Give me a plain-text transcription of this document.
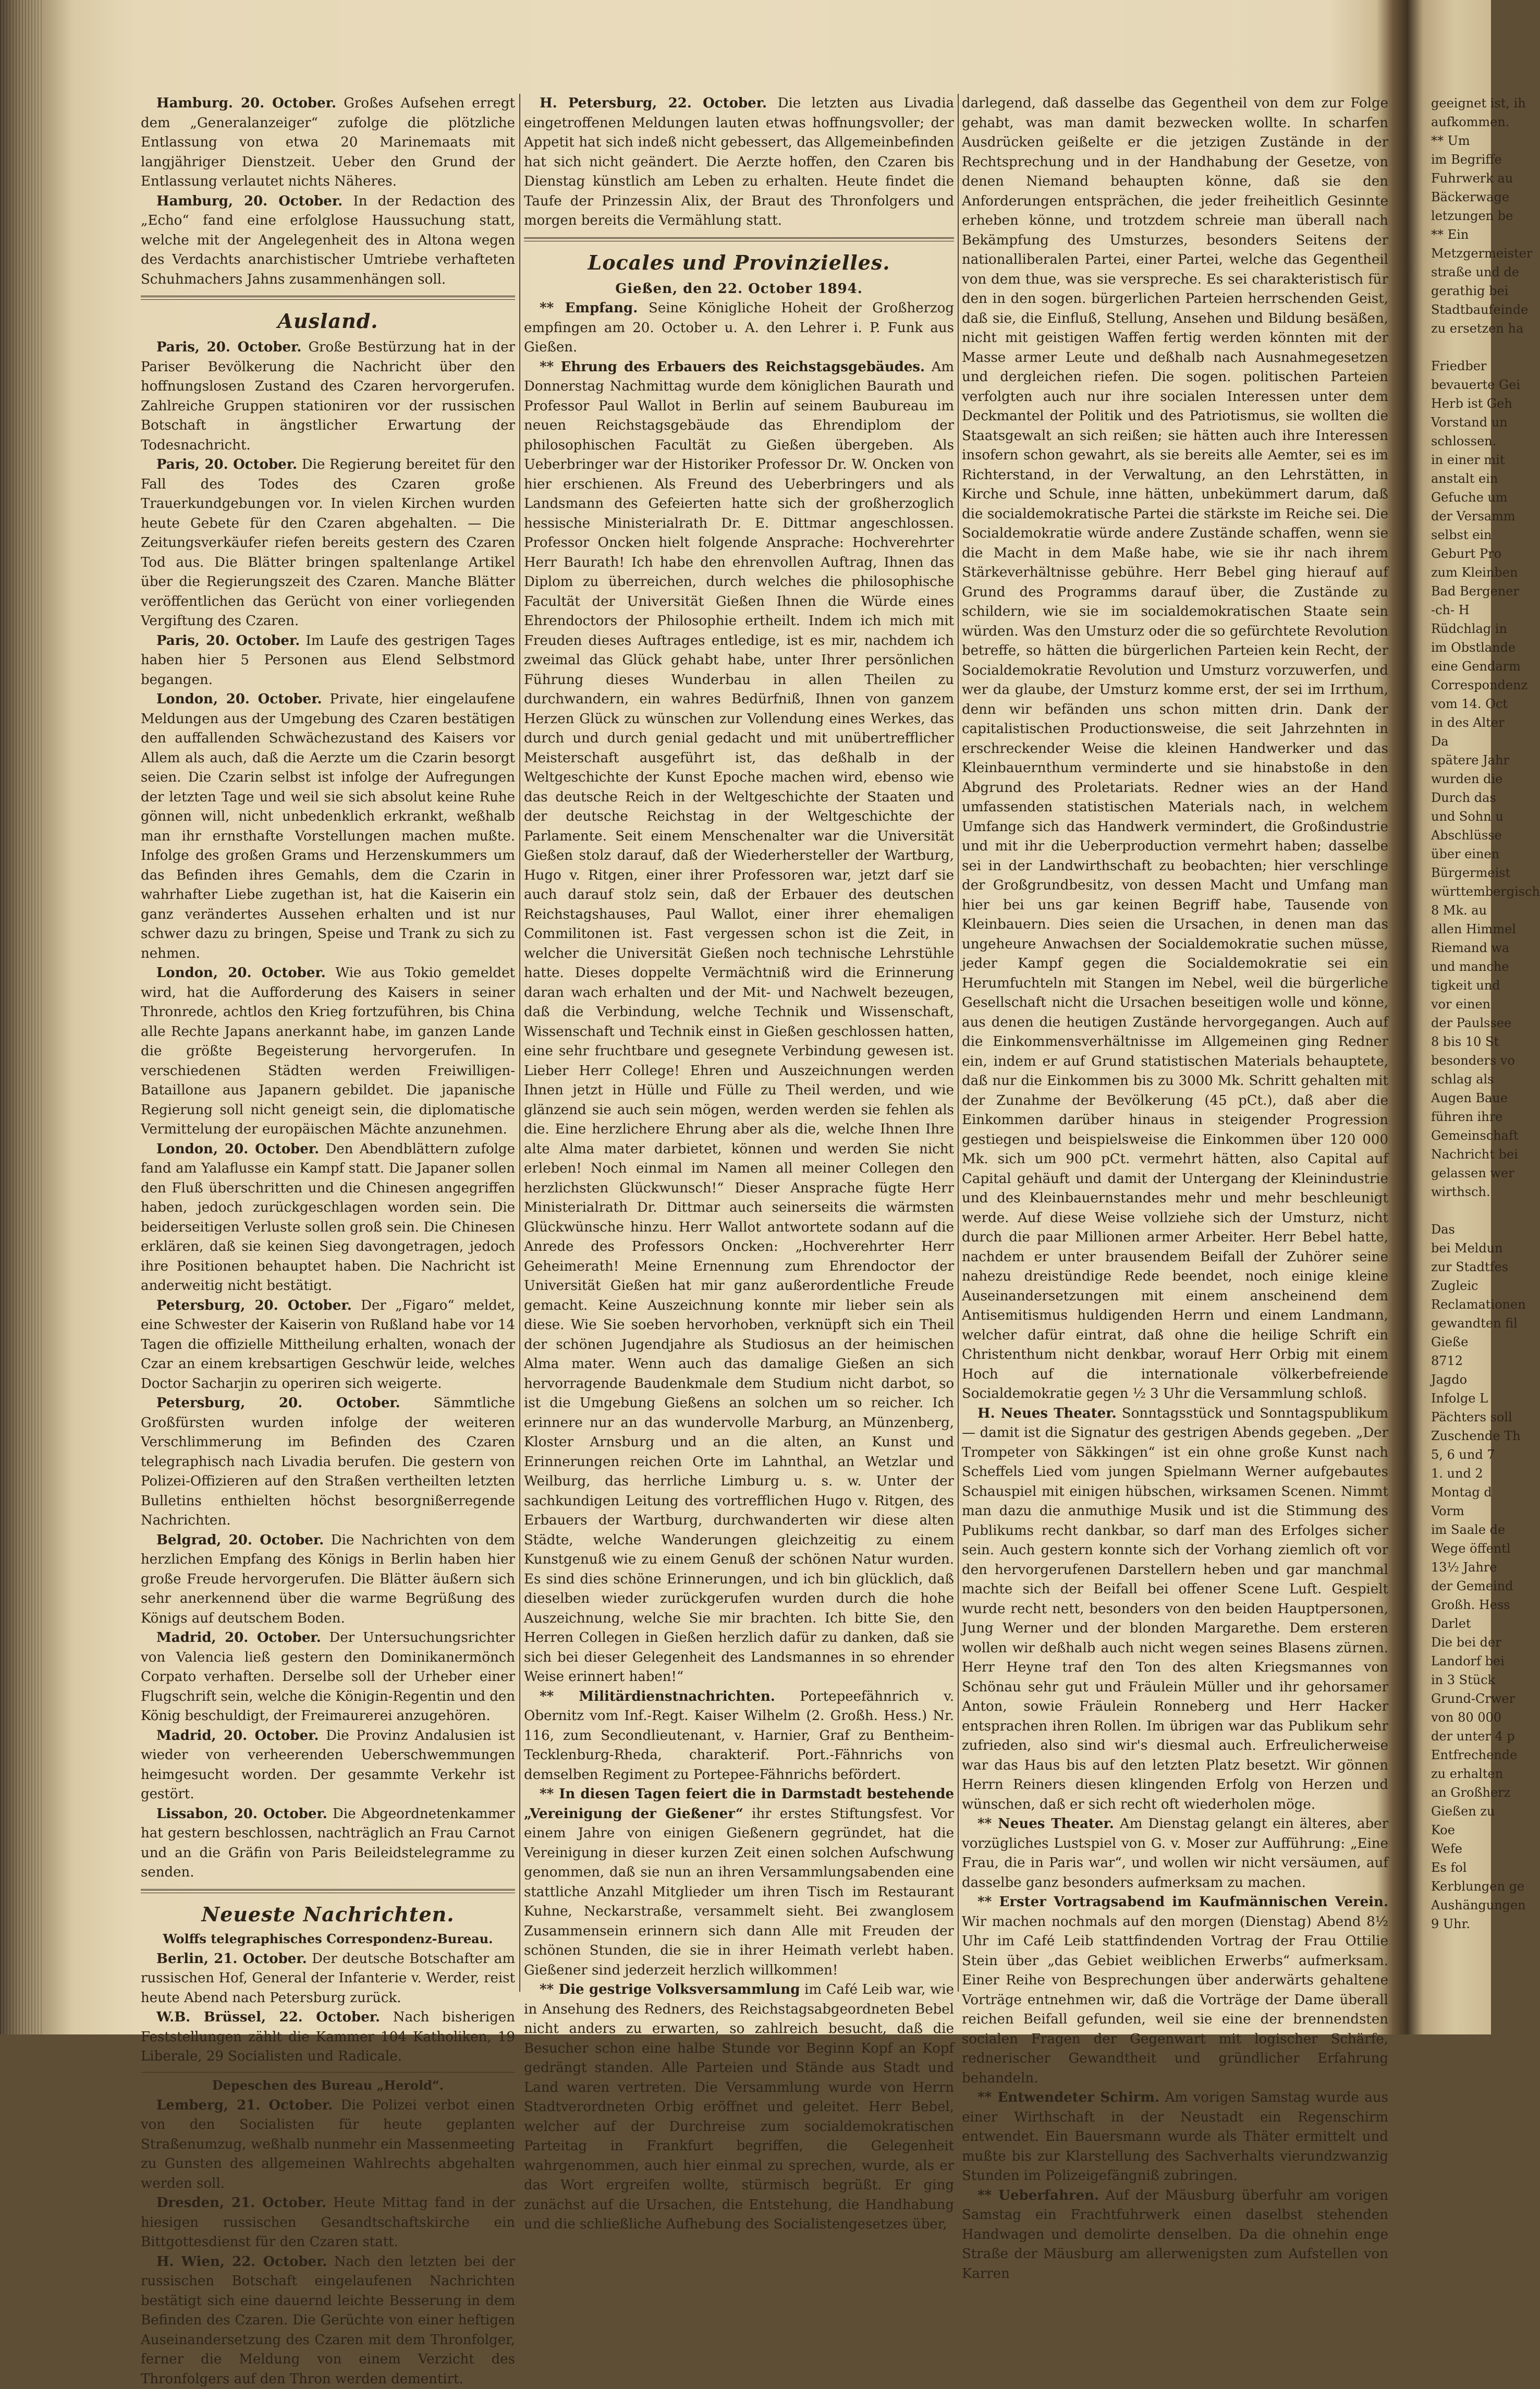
Hamburg. 20. October. Großes Aufsehen erregt dem „Generalanzeiger“ zufolge die plötzliche Entlassung von etwa 20 Marinemaats mit langjähriger Dienstzeit. Ueber den Grund der Entlassung verlautet nichts Näheres.

Hamburg, 20. October. In der Redaction des „Echo“ fand eine erfolglose Haussuchung statt, welche mit der Angelegenheit des in Altona wegen des Verdachts anarchistischer Umtriebe verhafteten Schuhmachers Jahns zusammenhängen soll.

Ausland.

Paris, 20. October. Große Bestürzung hat in der Pariser Bevölkerung die Nachricht über den hoffnungslosen Zustand des Czaren hervorgerufen. Zahlreiche Gruppen stationiren vor der russischen Botschaft in ängstlicher Erwartung der Todesnachricht.

Paris, 20. October. Die Regierung bereitet für den Fall des Todes des Czaren große Trauerkundgebungen vor. In vielen Kirchen wurden heute Gebete für den Czaren abgehalten. — Die Zeitungsverkäufer riefen bereits gestern des Czaren Tod aus. Die Blätter bringen spaltenlange Artikel über die Regierungszeit des Czaren. Manche Blätter veröffentlichen das Gerücht von einer vorliegenden Vergiftung des Czaren.

Paris, 20. October. Im Laufe des gestrigen Tages haben hier 5 Personen aus Elend Selbstmord begangen.

London, 20. October. Private, hier eingelaufene Meldungen aus der Umgebung des Czaren bestätigen den auffallenden Schwächezustand des Kaisers vor Allem als auch, daß die Aerzte um die Czarin besorgt seien. Die Czarin selbst ist infolge der Aufregungen der letzten Tage und weil sie sich absolut keine Ruhe gönnen will, nicht unbedenklich erkrankt, weßhalb man ihr ernsthafte Vorstellungen machen mußte. Infolge des großen Grams und Herzenskummers um das Befinden ihres Gemahls, dem die Czarin in wahrhafter Liebe zugethan ist, hat die Kaiserin ein ganz verändertes Aussehen erhalten und ist nur schwer dazu zu bringen, Speise und Trank zu sich zu nehmen.

London, 20. October. Wie aus Tokio gemeldet wird, hat die Aufforderung des Kaisers in seiner Thronrede, achtlos den Krieg fortzuführen, bis China alle Rechte Japans anerkannt habe, im ganzen Lande die größte Begeisterung hervorgerufen. In verschiedenen Städten werden Freiwilligen-Bataillone aus Japanern gebildet. Die japanische Regierung soll nicht geneigt sein, die diplomatische Vermittelung der europäischen Mächte anzunehmen.

London, 20. October. Den Abendblättern zufolge fand am Yalaflusse ein Kampf statt. Die Japaner sollen den Fluß überschritten und die Chinesen angegriffen haben, jedoch zurückgeschlagen worden sein. Die beiderseitigen Verluste sollen groß sein. Die Chinesen erklären, daß sie keinen Sieg davongetragen, jedoch ihre Positionen behauptet haben. Die Nachricht ist anderweitig nicht bestätigt.

Petersburg, 20. October. Der „Figaro“ meldet, eine Schwester der Kaiserin von Rußland habe vor 14 Tagen die offizielle Mittheilung erhalten, wonach der Czar an einem krebsartigen Geschwür leide, welches Doctor Sacharjin zu operiren sich weigerte.

Petersburg, 20. October. Sämmtliche Großfürsten wurden infolge der weiteren Verschlimmerung im Befinden des Czaren telegraphisch nach Livadia berufen. Die gestern von Polizei-Offizieren auf den Straßen vertheilten letzten Bulletins enthielten höchst besorgnißerregende Nachrichten.

Belgrad, 20. October. Die Nachrichten von dem herzlichen Empfang des Königs in Berlin haben hier große Freude hervorgerufen. Die Blätter äußern sich sehr anerkennend über die warme Begrüßung des Königs auf deutschem Boden.

Madrid, 20. October. Der Untersuchungsrichter von Valencia ließ gestern den Dominikanermönch Corpato verhaften. Derselbe soll der Urheber einer Flugschrift sein, welche die Königin-Regentin und den König beschuldigt, der Freimaurerei anzugehören.

Madrid, 20. October. Die Provinz Andalusien ist wieder von verheerenden Ueberschwemmungen heimgesucht worden. Der gesammte Verkehr ist gestört.

Lissabon, 20. October. Die Abgeordnetenkammer hat gestern beschlossen, nachträglich an Frau Carnot und an die Gräfin von Paris Beileidstelegramme zu senden.

Neueste Nachrichten.
Wolffs telegraphisches Correspondenz-Bureau.

Berlin, 21. October. Der deutsche Botschafter am russischen Hof, General der Infanterie v. Werder, reist heute Abend nach Petersburg zurück.

W.B. Brüssel, 22. October. Nach bisherigen Feststellungen zählt die Kammer 104 Katholiken, 19 Liberale, 29 Socialisten und Radicale.

Depeschen des Bureau „Herold“.

Lemberg, 21. October. Die Polizei verbot einen von den Socialisten für heute geplanten Straßenumzug, weßhalb nunmehr ein Massenmeeting zu Gunsten des allgemeinen Wahlrechts abgehalten werden soll.

Dresden, 21. October. Heute Mittag fand in der hiesigen russischen Gesandtschaftskirche ein Bittgottesdienst für den Czaren statt.

H. Wien, 22. October. Nach den letzten bei der russischen Botschaft eingelaufenen Nachrichten bestätigt sich eine dauernd leichte Besserung in dem Befinden des Czaren. Die Gerüchte von einer heftigen Auseinandersetzung des Czaren mit dem Thronfolger, ferner die Meldung von einem Verzicht des Thronfolgers auf den Thron werden dementirt.

H. Petersburg, 22. October. Die letzten aus Livadia eingetroffenen Meldungen lauten etwas hoffnungsvoller; der Appetit hat sich indeß nicht gebessert, das Allgemeinbefinden hat sich nicht geändert. Die Aerzte hoffen, den Czaren bis Dienstag künstlich am Leben zu erhalten. Heute findet die Taufe der Prinzessin Alix, der Braut des Thronfolgers und morgen bereits die Vermählung statt.

Locales und Provinzielles.

Gießen, den 22. October 1894.

** Empfang. Seine Königliche Hoheit der Großherzog empfingen am 20. October u. A. den Lehrer i. P. Funk aus Gießen.

** Ehrung des Erbauers des Reichstagsgebäudes. Am Donnerstag Nachmittag wurde dem königlichen Baurath und Professor Paul Wallot in Berlin auf seinem Baubureau im neuen Reichstagsgebäude das Ehrendiplom der philosophischen Facultät zu Gießen übergeben. Als Ueberbringer war der Historiker Professor Dr. W. Oncken von hier erschienen. Als Freund des Ueberbringers und als Landsmann des Gefeierten hatte sich der großherzoglich hessische Ministerialrath Dr. E. Dittmar angeschlossen. Professor Oncken hielt folgende Ansprache: Hochverehrter Herr Baurath! Ich habe den ehrenvollen Auftrag, Ihnen das Diplom zu überreichen, durch welches die philosophische Facultät der Universität Gießen Ihnen die Würde eines Ehrendoctors der Philosophie ertheilt. Indem ich mich mit Freuden dieses Auftrages entledige, ist es mir, nachdem ich zweimal das Glück gehabt habe, unter Ihrer persönlichen Führung dieses Wunderbau in allen Theilen zu durchwandern, ein wahres Bedürfniß, Ihnen von ganzem Herzen Glück zu wünschen zur Vollendung eines Werkes, das durch und durch genial gedacht und mit unübertrefflicher Meisterschaft ausgeführt ist, das deßhalb in der Weltgeschichte der Kunst Epoche machen wird, ebenso wie das deutsche Reich in der Weltgeschichte der Staaten und der deutsche Reichstag in der Weltgeschichte der Parlamente. Seit einem Menschenalter war die Universität Gießen stolz darauf, daß der Wiederhersteller der Wartburg, Hugo v. Ritgen, einer ihrer Professoren war, jetzt darf sie auch darauf stolz sein, daß der Erbauer des deutschen Reichstagshauses, Paul Wallot, einer ihrer ehemaligen Commilitonen ist. Fast vergessen schon ist die Zeit, in welcher die Universität Gießen noch technische Lehrstühle hatte. Dieses doppelte Vermächtniß wird die Erinnerung daran wach erhalten und der Mit- und Nachwelt bezeugen, daß die Verbindung, welche Technik und Wissenschaft, Wissenschaft und Technik einst in Gießen geschlossen hatten, eine sehr fruchtbare und gesegnete Verbindung gewesen ist. Lieber Herr College! Ehren und Auszeichnungen werden Ihnen jetzt in Hülle und Fülle zu Theil werden, und wie glänzend sie auch sein mögen, werden werden sie fehlen als die. Eine herzlichere Ehrung aber als die, welche Ihnen Ihre alte Alma mater darbietet, können und werden Sie nicht erleben! Noch einmal im Namen all meiner Collegen den herzlichsten Glückwunsch!“ Dieser Ansprache fügte Herr Ministerialrath Dr. Dittmar auch seinerseits die wärmsten Glückwünsche hinzu. Herr Wallot antwortete sodann auf die Anrede des Professors Oncken: „Hochverehrter Herr Geheimerath! Meine Ernennung zum Ehrendoctor der Universität Gießen hat mir ganz außerordentliche Freude gemacht. Keine Auszeichnung konnte mir lieber sein als diese. Wie Sie soeben hervorhoben, verknüpft sich ein Theil der schönen Jugendjahre als Studiosus an der heimischen Alma mater. Wenn auch das damalige Gießen an sich hervorragende Baudenkmale dem Studium nicht darbot, so ist die Umgebung Gießens an solchen um so reicher. Ich erinnere nur an das wundervolle Marburg, an Münzenberg, Kloster Arnsburg und an die alten, an Kunst und Erinnerungen reichen Orte im Lahnthal, an Wetzlar und Weilburg, das herrliche Limburg u. s. w. Unter der sachkundigen Leitung des vortrefflichen Hugo v. Ritgen, des Erbauers der Wartburg, durchwanderten wir diese alten Städte, welche Wanderungen gleichzeitig zu einem Kunstgenuß wie zu einem Genuß der schönen Natur wurden. Es sind dies schöne Erinnerungen, und ich bin glücklich, daß dieselben wieder zurückgerufen wurden durch die hohe Auszeichnung, welche Sie mir brachten. Ich bitte Sie, den Herren Collegen in Gießen herzlich dafür zu danken, daß sie sich bei dieser Gelegenheit des Landsmannes in so ehrender Weise erinnert haben!“

** Militärdienstnachrichten. Portepeefähnrich v. Obernitz vom Inf.-Regt. Kaiser Wilhelm (2. Großh. Hess.) Nr. 116, zum Secondlieutenant, v. Harnier, Graf zu Bentheim-Tecklenburg-Rheda, charakterif. Port.-Fähnrichs von demselben Regiment zu Portepee-Fähnrichs befördert.

** In diesen Tagen feiert die in Darmstadt bestehende „Vereinigung der Gießener“ ihr erstes Stiftungsfest. Vor einem Jahre von einigen Gießenern gegründet, hat die Vereinigung in dieser kurzen Zeit einen solchen Aufschwung genommen, daß sie nun an ihren Versammlungsabenden eine stattliche Anzahl Mitglieder um ihren Tisch im Restaurant Kuhne, Neckarstraße, versammelt sieht. Bei zwanglosem Zusammensein erinnern sich dann Alle mit Freuden der schönen Stunden, die sie in ihrer Heimath verlebt haben. Gießener sind jederzeit herzlich willkommen!

** Die gestrige Volksversammlung im Café Leib war, wie in Ansehung des Redners, des Reichstagsabgeordneten Bebel nicht anders zu erwarten, so zahlreich besucht, daß die Besucher schon eine halbe Stunde vor Beginn Kopf an Kopf gedrängt standen. Alle Parteien und Stände aus Stadt und Land waren vertreten. Die Versammlung wurde von Herrn Stadtverordneten Orbig eröffnet und geleitet. Herr Bebel, welcher auf der Durchreise zum socialdemokratischen Parteitag in Frankfurt begriffen, die Gelegenheit wahrgenommen, auch hier einmal zu sprechen, wurde, als er das Wort ergreifen wollte, stürmisch begrüßt. Er ging zunächst auf die Ursachen, die Entstehung, die Handhabung und die schließliche Aufhebung des Socialistengesetzes über,

darlegend, daß dasselbe das Gegentheil von dem zur Folge gehabt, was man damit bezwecken wollte. In scharfen Ausdrücken geißelte er die jetzigen Zustände in der Rechtsprechung und in der Handhabung der Gesetze, von denen Niemand behaupten könne, daß sie den Anforderungen entsprächen, die jeder freiheitlich Gesinnte erheben könne, und trotzdem schreie man überall nach Bekämpfung des Umsturzes, besonders Seitens der nationalliberalen Partei, einer Partei, welche das Gegentheil von dem thue, was sie verspreche. Es sei charakteristisch für den in den sogen. bürgerlichen Parteien herrschenden Geist, daß sie, die Einfluß, Stellung, Ansehen und Bildung besäßen, nicht mit geistigen Waffen fertig werden könnten mit der Masse armer Leute und deßhalb nach Ausnahmegesetzen und dergleichen riefen. Die sogen. politischen Parteien verfolgten auch nur ihre socialen Interessen unter dem Deckmantel der Politik und des Patriotismus, sie wollten die Staatsgewalt an sich reißen; sie hätten auch ihre Interessen insofern schon gewahrt, als sie bereits alle Aemter, sei es im Richterstand, in der Verwaltung, an den Lehrstätten, in Kirche und Schule, inne hätten, unbekümmert darum, daß die socialdemokratische Partei die stärkste im Reiche sei. Die Socialdemokratie würde andere Zustände schaffen, wenn sie die Macht in dem Maße habe, wie sie ihr nach ihrem Stärkeverhältnisse gebühre. Herr Bebel ging hierauf auf Grund des Programms darauf über, die Zustände zu schildern, wie sie im socialdemokratischen Staate sein würden. Was den Umsturz oder die so gefürchtete Revolution betreffe, so hätten die bürgerlichen Parteien kein Recht, der Socialdemokratie Revolution und Umsturz vorzuwerfen, und wer da glaube, der Umsturz komme erst, der sei im Irrthum, denn wir befänden uns schon mitten drin. Dank der capitalistischen Productionsweise, die seit Jahrzehnten in erschreckender Weise die kleinen Handwerker und das Kleinbauernthum verminderte und sie hinabstoße in den Abgrund des Proletariats. Redner wies an der Hand umfassenden statistischen Materials nach, in welchem Umfange sich das Handwerk vermindert, die Großindustrie und mit ihr die Ueberproduction vermehrt haben; dasselbe sei in der Landwirthschaft zu beobachten; hier verschlinge der Großgrundbesitz, von dessen Macht und Umfang man hier bei uns gar keinen Begriff habe, Tausende von Kleinbauern. Dies seien die Ursachen, in denen man das ungeheure Anwachsen der Socialdemokratie suchen müsse, jeder Kampf gegen die Socialdemokratie sei ein Herumfuchteln mit Stangen im Nebel, weil die bürgerliche Gesellschaft nicht die Ursachen beseitigen wolle und könne, aus denen die heutigen Zustände hervorgegangen. Auch auf die Einkommensverhältnisse im Allgemeinen ging Redner ein, indem er auf Grund statistischen Materials behauptete, daß nur die Einkommen bis zu 3000 Mk. Schritt gehalten mit der Zunahme der Bevölkerung (45 pCt.), daß aber die Einkommen darüber hinaus in steigender Progression gestiegen und beispielsweise die Einkommen über 120 000 Mk. sich um 900 pCt. vermehrt hätten, also Capital auf Capital gehäuft und damit der Untergang der Kleinindustrie und des Kleinbauernstandes mehr und mehr beschleunigt werde. Auf diese Weise vollziehe sich der Umsturz, nicht durch die paar Millionen armer Arbeiter. Herr Bebel hatte, nachdem er unter brausendem Beifall der Zuhörer seine nahezu dreistündige Rede beendet, noch einige kleine Auseinandersetzungen mit einem anscheinend dem Antisemitismus huldigenden Herrn und einem Landmann, welcher dafür eintrat, daß ohne die heilige Schrift ein Christenthum nicht denkbar, worauf Herr Orbig mit einem Hoch auf die internationale völkerbefreiende Socialdemokratie gegen ½ 3 Uhr die Versammlung schloß.

H. Neues Theater. Sonntagsstück und Sonntagspublikum — damit ist die Signatur des gestrigen Abends gegeben. „Der Trompeter von Säkkingen“ ist ein ohne große Kunst nach Scheffels Lied vom jungen Spielmann Werner aufgebautes Schauspiel mit einigen hübschen, wirksamen Scenen. Nimmt man dazu die anmuthige Musik und ist die Stimmung des Publikums recht dankbar, so darf man des Erfolges sicher sein. Auch gestern konnte sich der Vorhang ziemlich oft vor den hervorgerufenen Darstellern heben und gar manchmal machte sich der Beifall bei offener Scene Luft. Gespielt wurde recht nett, besonders von den beiden Hauptpersonen, Jung Werner und der blonden Margarethe. Dem ersteren wollen wir deßhalb auch nicht wegen seines Blasens zürnen. Herr Heyne traf den Ton des alten Kriegsmannes von Schönau sehr gut und Fräulein Müller und ihr gehorsamer Anton, sowie Fräulein Ronneberg und Herr Hacker entsprachen ihren Rollen. Im übrigen war das Publikum sehr zufrieden, also sind wir's diesmal auch. Erfreulicherweise war das Haus bis auf den letzten Platz besetzt. Wir gönnen Herrn Reiners diesen klingenden Erfolg von Herzen und wünschen, daß er sich recht oft wiederholen möge.

** Neues Theater. Am Dienstag gelangt ein älteres, aber vorzügliches Lustspiel von G. v. Moser zur Aufführung: „Eine Frau, die in Paris war“, und wollen wir nicht versäumen, auf dasselbe ganz besonders aufmerksam zu machen.

** Erster Vortragsabend im Kaufmännischen Verein. Wir machen nochmals auf den morgen (Dienstag) Abend 8½ Uhr im Café Leib stattfindenden Vortrag der Frau Ottilie Stein über „das Gebiet weiblichen Erwerbs“ aufmerksam. Einer Reihe von Besprechungen über anderwärts gehaltene Vorträge entnehmen wir, daß die Vorträge der Dame überall reichen Beifall gefunden, weil sie eine der brennendsten socialen Fragen der Gegenwart mit logischer Schärfe, rednerischer Gewandtheit und gründlicher Erfahrung behandeln.

** Entwendeter Schirm. Am vorigen Samstag wurde aus einer Wirthschaft in der Neustadt ein Regenschirm entwendet. Ein Bauersmann wurde als Thäter ermittelt und mußte bis zur Klarstellung des Sachverhalts vierundzwanzig Stunden im Polizeigefängniß zubringen.

** Ueberfahren. Auf der Mäusburg überfuhr am vorigen Samstag ein Frachtfuhrwerk einen daselbst stehenden Handwagen und demolirte denselben. Da die ohnehin enge Straße der Mäusburg am allerwenigsten zum Aufstellen von Karren

geeignet ist, ih

aufkommen.

** Um

im Begriffe

Fuhrwerk au

Bäckerwage

letzungen be

** Ein

Metzgermeister

straße und de

gerathig bei

Stadtbaufeinde

zu ersetzen ha

Friedber

bevauerte Gei

Herb ist Geh

Vorstand un

schlossen.

in einer mit

anstalt ein

Gefuche um

der Versamm

selbst ein

Geburt Pro

zum Kleinben

Bad Bergener

-ch- H

Rüdchlag in

im Obstlande

eine Gendarm

Correspondenz

vom 14. Oct

in des Alter

Da

spätere Jahr

wurden die

Durch das

und Sohn u

Abschlüsse

über einen

Bürgermeist

württembergisch

8 Mk. au

allen Himmel

Riemand wa

und manche

tigkeit und

vor einen

der Paulssee

8 bis 10 St

besonders vo

schlag als

Augen Baue

führen ihre

Gemeinschaft

Nachricht bei

gelassen wer

wirthsch.

Das

bei Meldun

zur Stadtfes

Zugleic

Reclamationen

gewandten fil

Gieße

8712

Jagdo

Infolge L

Pächters soll

Zuschende Th

5, 6 und 7

1. und 2

Montag d

Vorm

im Saale de

Wege öffentl

13½ Jahre

der Gemeind

Großh. Hess

Darlet

Die bei der

Landorf bei

in 3 Stück

Grund-Crwer

von 80 000

der unter 4 p

Entfrechende

zu erhalten

an Großherz

Gießen zu

Koe

Wefe

Es fol

Kerblungen ge

Aushängungen

9 Uhr.
